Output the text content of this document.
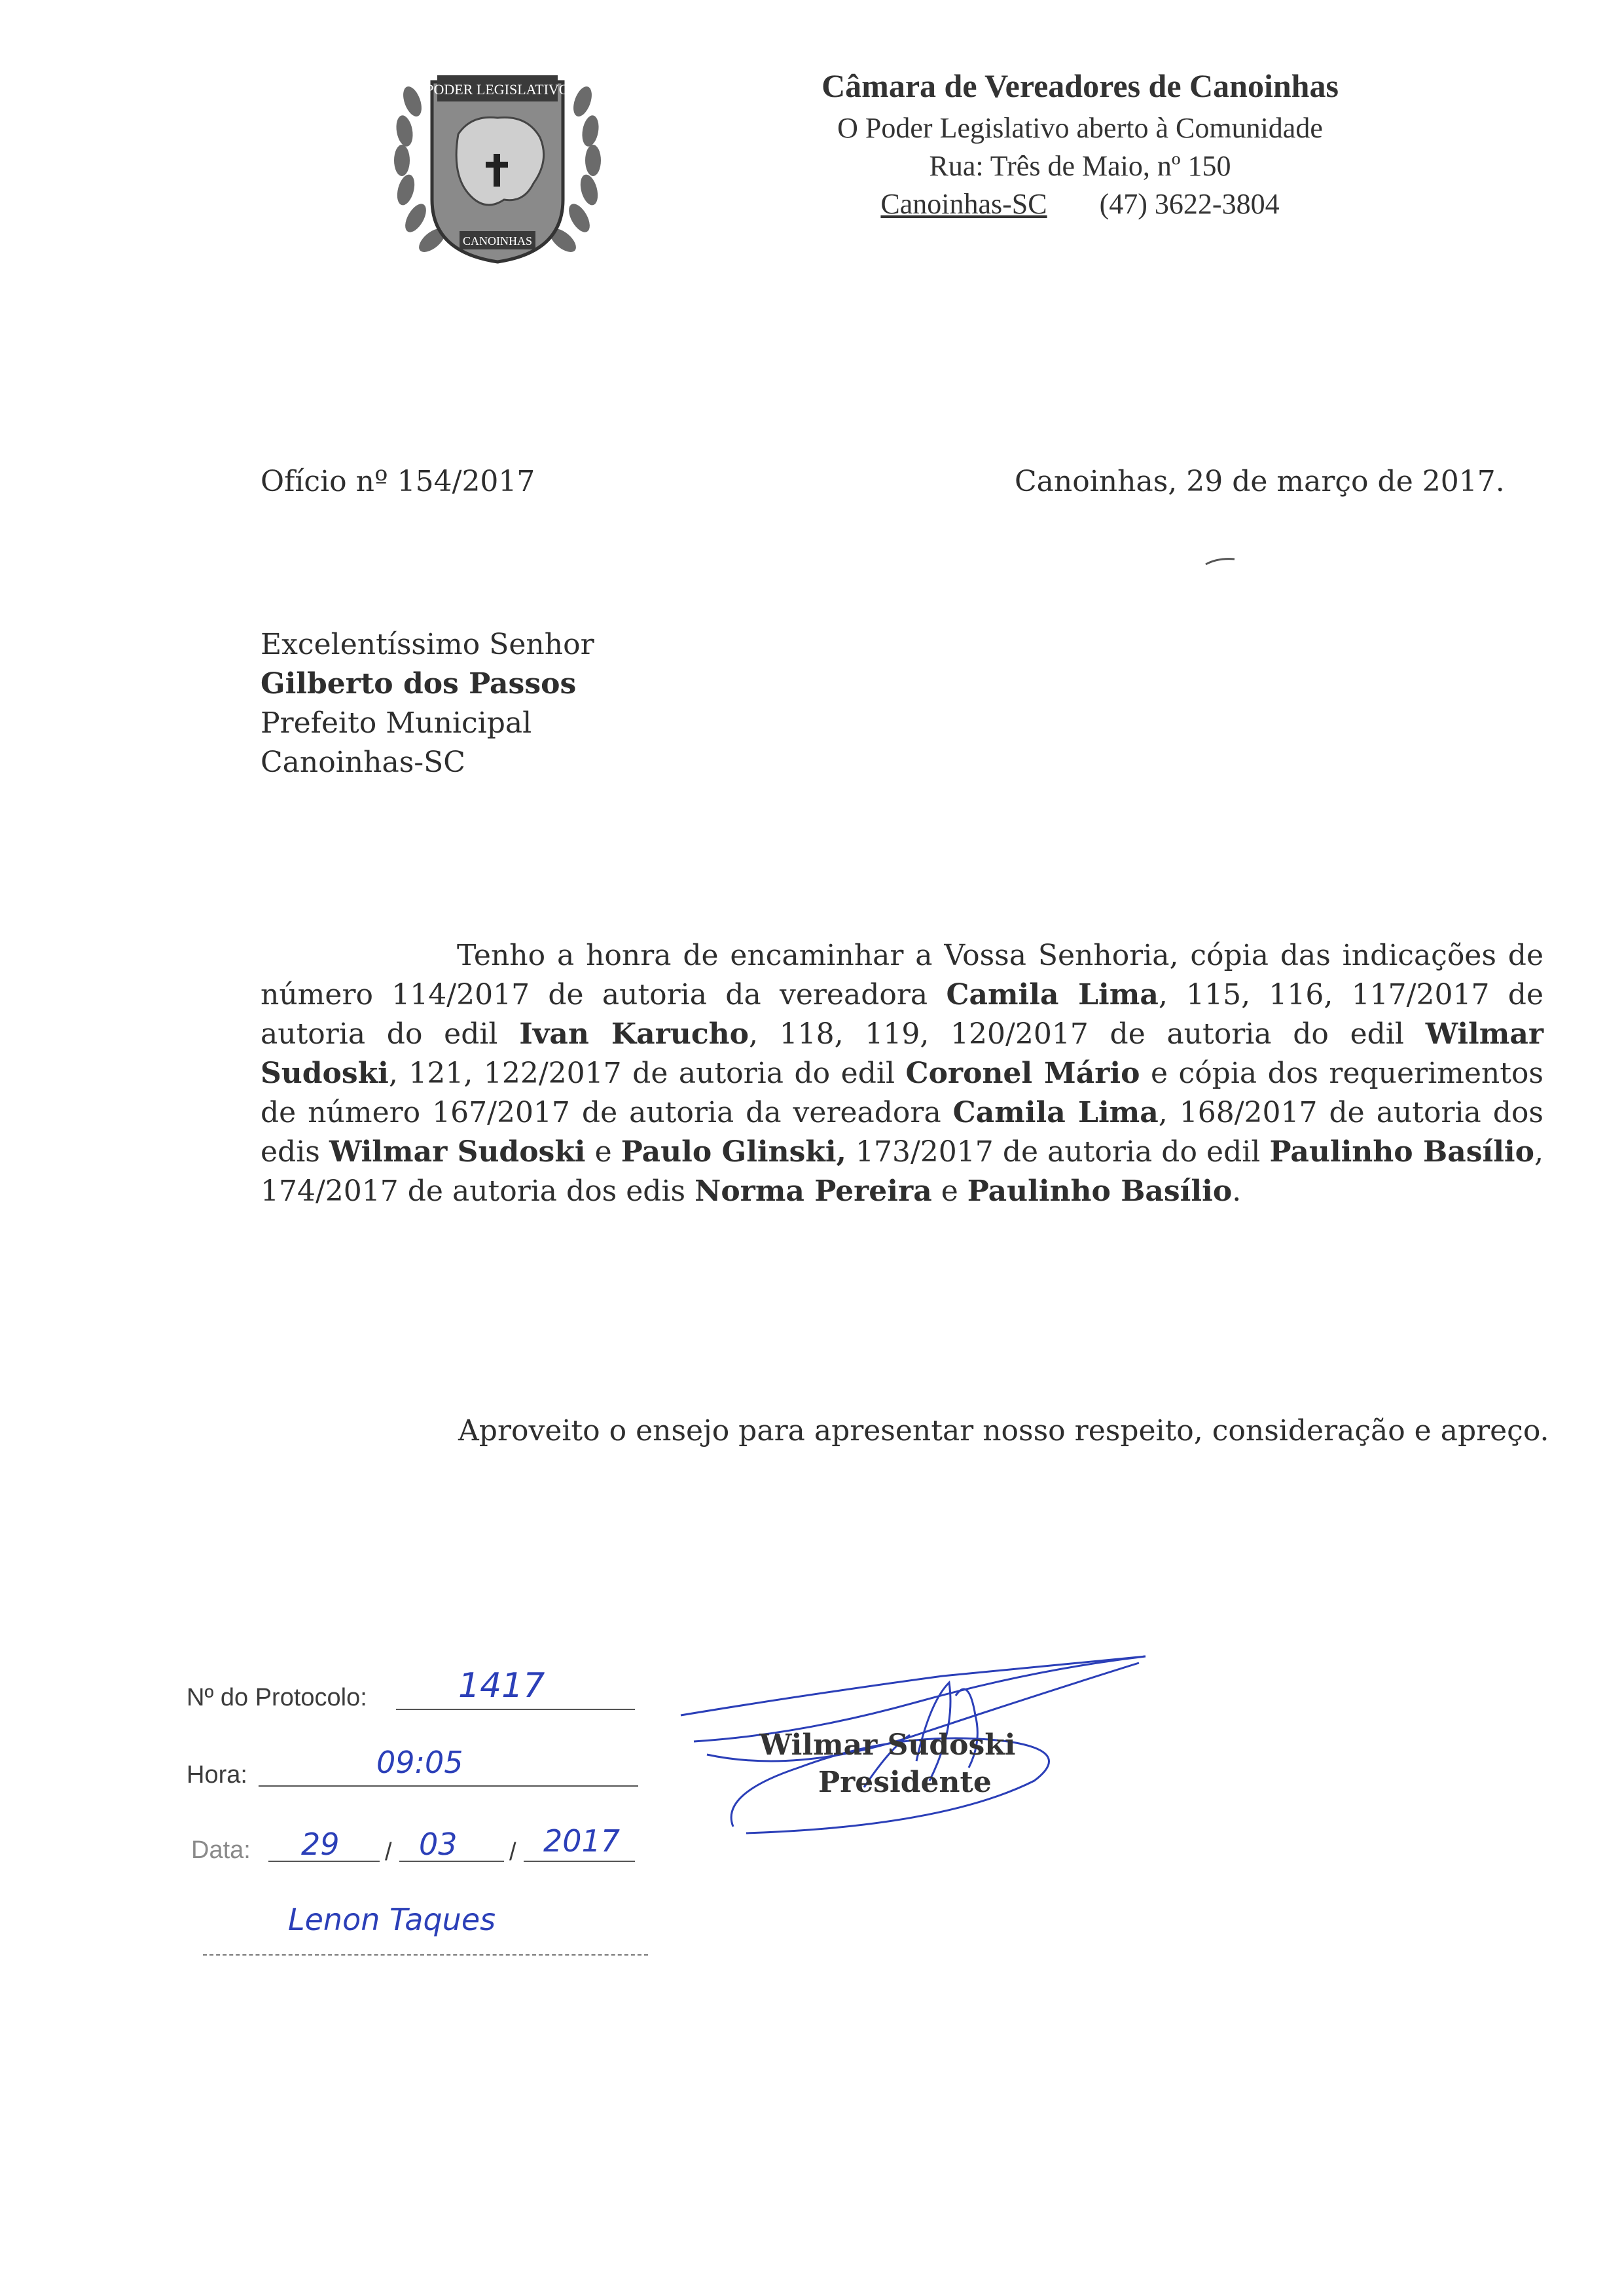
PODER LEGISLATIVO
CANOINHAS
Câmara de Vereadores de Canoinhas
O Poder Legislativo aberto à Comunidade
Rua: Três de Maio, nº 150
Canoinhas-SC (47) 3622-3804
Ofício nº 154/2017	Canoinhas, 29 de março de 2017.
Excelentíssimo Senhor
Gilberto dos Passos
Prefeito Municipal
Canoinhas-SC
Tenho a honra de encaminhar a Vossa Senhoria, cópia das indicações de número 114/2017 de autoria da vereadora Camila Lima, 115, 116, 117/2017 de autoria do edil Ivan Karucho, 118, 119, 120/2017 de autoria do edil Wilmar Sudoski, 121, 122/2017 de autoria do edil Coronel Mário e cópia dos requerimentos de número 167/2017 de autoria da vereadora Camila Lima, 168/2017 de autoria dos edis Wilmar Sudoski e Paulo Glinski, 173/2017 de autoria do edil Paulinho Basílio, 174/2017 de autoria dos edis Norma Pereira e Paulinho Basílio.
Aproveito o ensejo para apresentar nosso respeito, consideração e apreço.
Nº do Protocolo:	1417
Hora:	09:05
Data: 29 / 03 / 2017
Lenon Taques
Wilmar Sudoski
Presidente
